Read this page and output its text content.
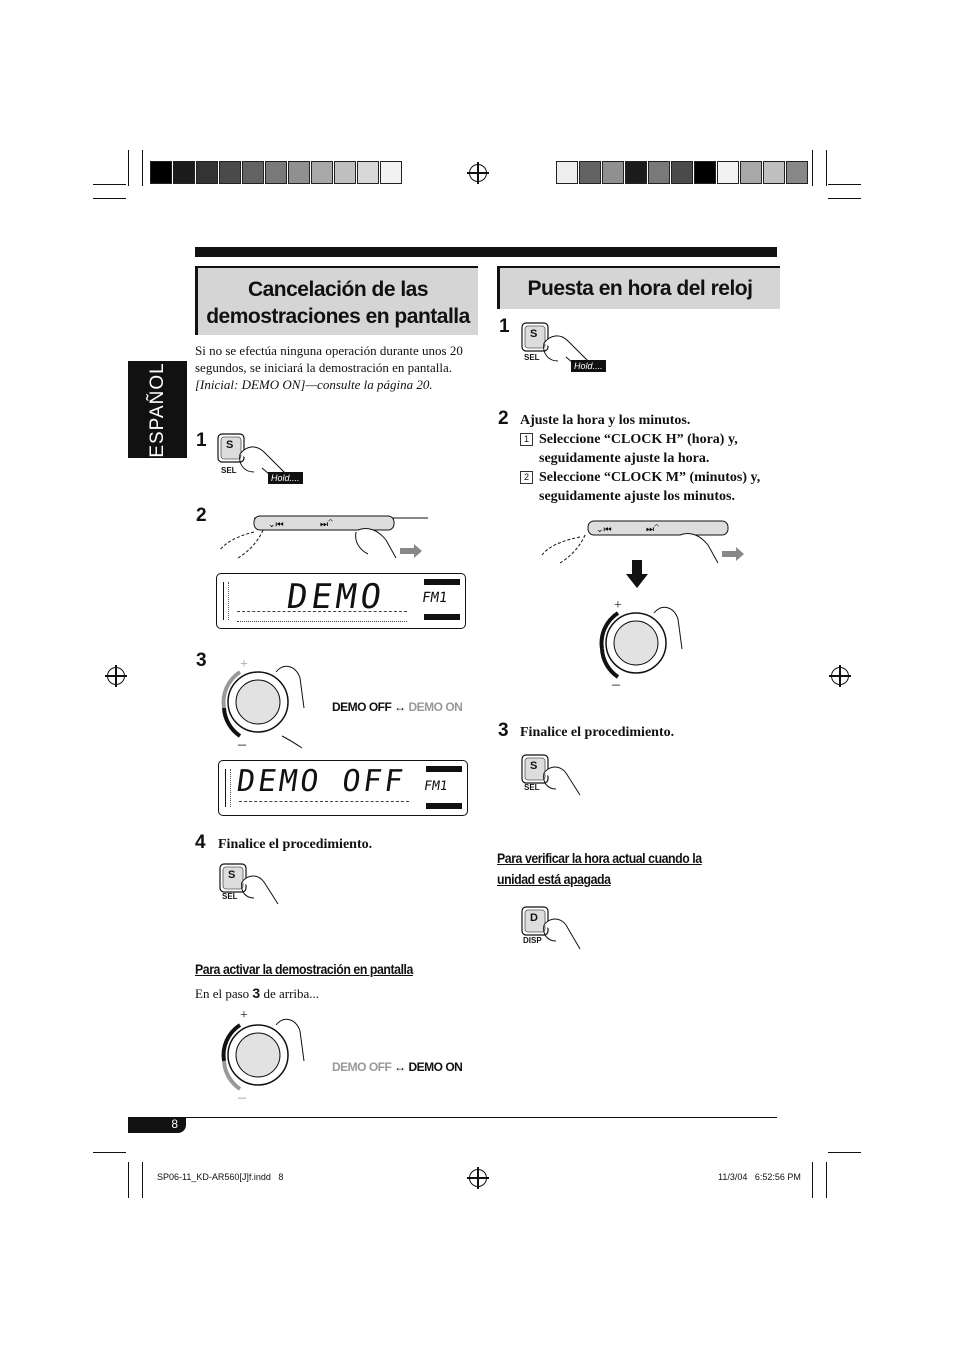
ESPAÑOL
Cancelación de las
demostraciones en pantalla
Si no se efectúa ninguna operación durante unos 20 segundos, se iniciará la demostración en pantalla.
[Inicial: DEMO ON]—consulte la página 20.
1 S
SEL
Hold....
2	⌄⏮	⏭⌃
DEMO FM1
3 +
–
DEMO OFF ↔ DEMO ON
DEMO OFF FM1
4 Finalice el procedimiento.
S
SEL
Para activar la demostración en pantalla
En el paso 3 de arriba...
+
–
DEMO OFF ↔ DEMO ON
Puesta en hora del reloj
1 S
SEL
Hold....
2 Ajuste la hora y los minutos.
1 Seleccione “CLOCK H” (hora) y, seguidamente ajuste la hora.
2 Seleccione “CLOCK M” (minutos) y, seguidamente ajuste los minutos.
⌄⏮	⏭⌃
+
–
3 Finalice el procedimiento.
S
SEL
Para verificar la hora actual cuando la
unidad está apagada
D
DISP
8
SP06-11_KD-AR560[J]f.indd   8	11/3/04   6:52:56 PM
